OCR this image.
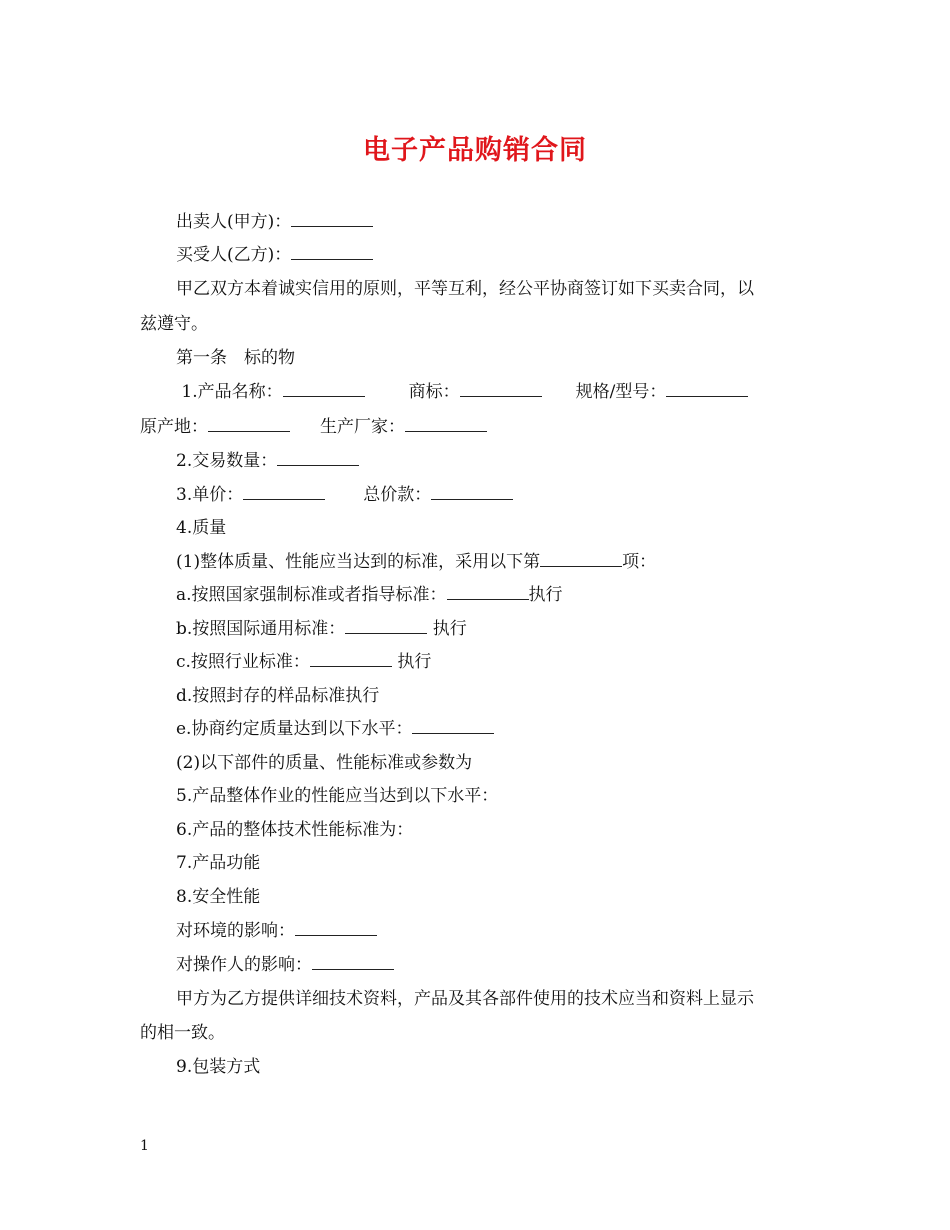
电子产品购销合同
出卖人(甲方)：
买受人(乙方)：
甲乙双方本着诚实信用的原则，平等互利，经公平协商签订如下买卖合同，以
兹遵守。
第一条　标的物
1.产品名称：	商标：	规格/型号：
原产地：	生产厂家：
2.交易数量：
3.单价：	总价款：
4.质量
(1)整体质量、性能应当达到的标准，采用以下第	项：
a.按照国家强制标准或者指导标准：	执行
b.按照国际通用标准：	执行
c.按照行业标准：	执行
d.按照封存的样品标准执行
e.协商约定质量达到以下水平：
(2)以下部件的质量、性能标准或参数为
5.产品整体作业的性能应当达到以下水平：
6.产品的整体技术性能标准为：
7.产品功能
8.安全性能
对环境的影响：
对操作人的影响：
甲方为乙方提供详细技术资料，产品及其各部件使用的技术应当和资料上显示
的相一致。
9.包装方式
1
